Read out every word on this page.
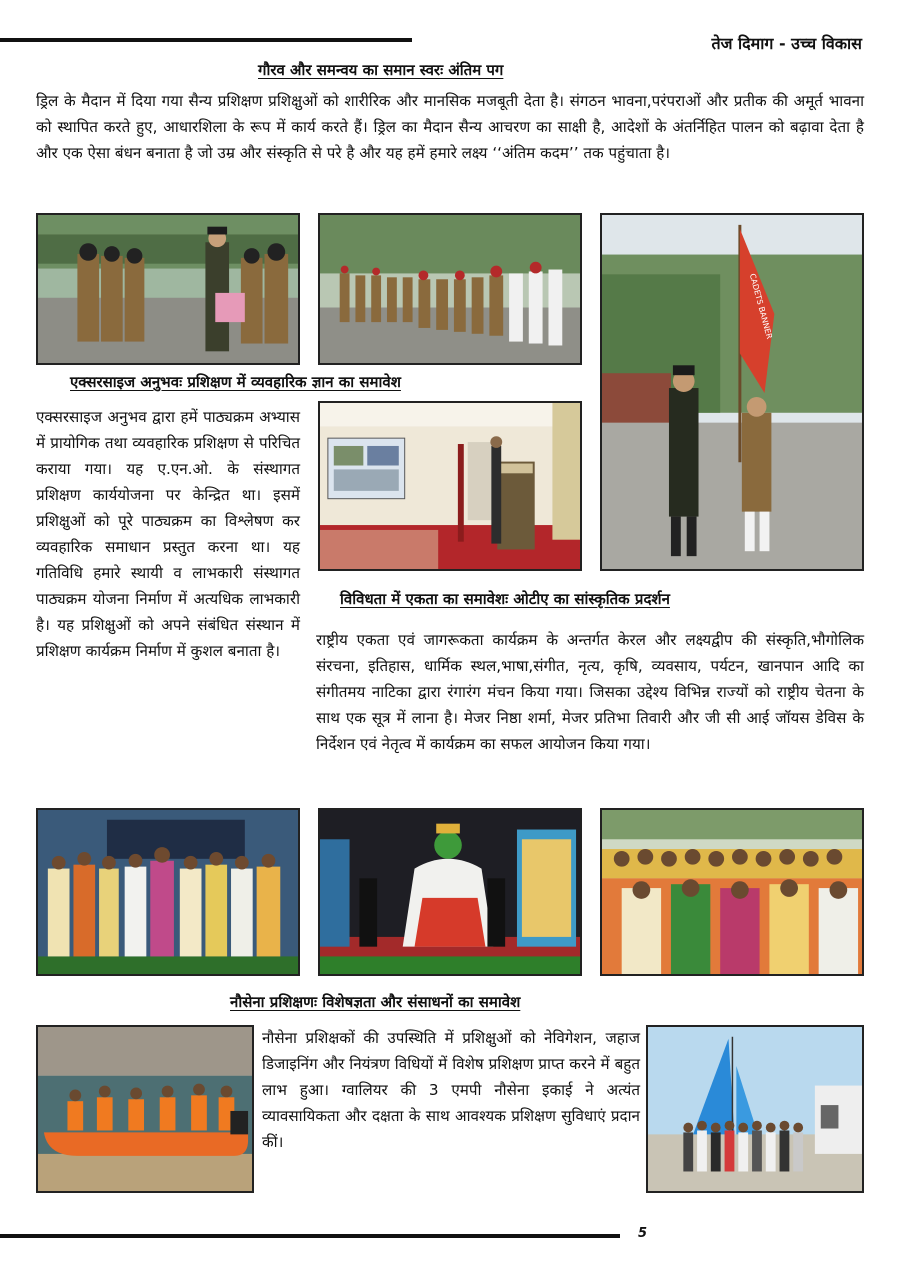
तेज दिमाग - उच्च विकास
गौरव और समन्वय का समान स्वरः अंतिम पग
ड्रिल के मैदान में दिया गया सैन्य प्रशिक्षण प्रशिक्षुओं को शारीरिक और मानसिक मजबूती देता है। संगठन भावना,परंपराओं और प्रतीक की अमूर्त भावना को स्थापित करते हुए, आधारशिला के रूप में कार्य करते हैं। ड्रिल का मैदान सैन्य आचरण का साक्षी है, आदेशों के अंतर्निहित पालन को बढ़ावा देता है और एक ऐसा बंधन बनाता है जो उम्र और संस्कृति से परे है और यह हमें हमारे लक्ष्य ‘‘अंतिम कदम’’ तक पहुंचाता है।
CADETS BANNER
एक्सरसाइज अनुभवः प्रशिक्षण में व्यवहारिक ज्ञान का समावेश
एक्सरसाइज अनुभव द्वारा हमें पाठ्यक्रम अभ्यास में प्रायोगिक तथा व्यवहारिक प्रशिक्षण से परिचित कराया गया। यह ए.एन.ओ. के संस्थागत प्रशिक्षण कार्ययोजना पर केन्द्रित था। इसमें प्रशिक्षुओं को पूरे पाठ्यक्रम का विश्लेषण कर व्यवहारिक समाधान प्रस्तुत करना था। यह गतिविधि हमारे स्थायी व लाभकारी संस्थागत पाठ्यक्रम योजना निर्माण में अत्यधिक लाभकारी है। यह प्रशिक्षुओं को अपने संबंधित संस्थान में प्रशिक्षण कार्यक्रम निर्माण में कुशल बनाता है।
विविधता में एकता का समावेशः ओटीए का सांस्कृतिक प्रदर्शन
राष्ट्रीय एकता एवं जागरूकता कार्यक्रम के अन्तर्गत केरल और लक्ष्यद्वीप की संस्कृति,भौगोलिक संरचना, इतिहास, धार्मिक स्थल,भाषा,संगीत, नृत्य, कृषि, व्यवसाय, पर्यटन, खानपान आदि का संगीतमय नाटिका द्वारा रंगारंग मंचन किया गया। जिसका उद्देश्य विभिन्न राज्यों को राष्ट्रीय चेतना के साथ एक सूत्र में लाना है। मेजर निष्ठा शर्मा, मेजर प्रतिभा तिवारी और जी सी आई जॉयस डेविस के निर्देशन एवं नेतृत्व में कार्यक्रम का सफल आयोजन किया गया।
नौसेना प्रशिक्षणः विशेषज्ञता और संसाधनों का समावेश
नौसेना प्रशिक्षकों की उपस्थिति में प्रशिक्षुओं को नेविगेशन, जहाज डिजाइनिंग और नियंत्रण विधियों में विशेष प्रशिक्षण प्राप्त करने में बहुत लाभ हुआ। ग्वालियर की 3 एमपी नौसेना इकाई ने अत्यंत व्यावसायिकता और दक्षता के साथ आवश्यक प्रशिक्षण सुविधाएं प्रदान कीं।
5
